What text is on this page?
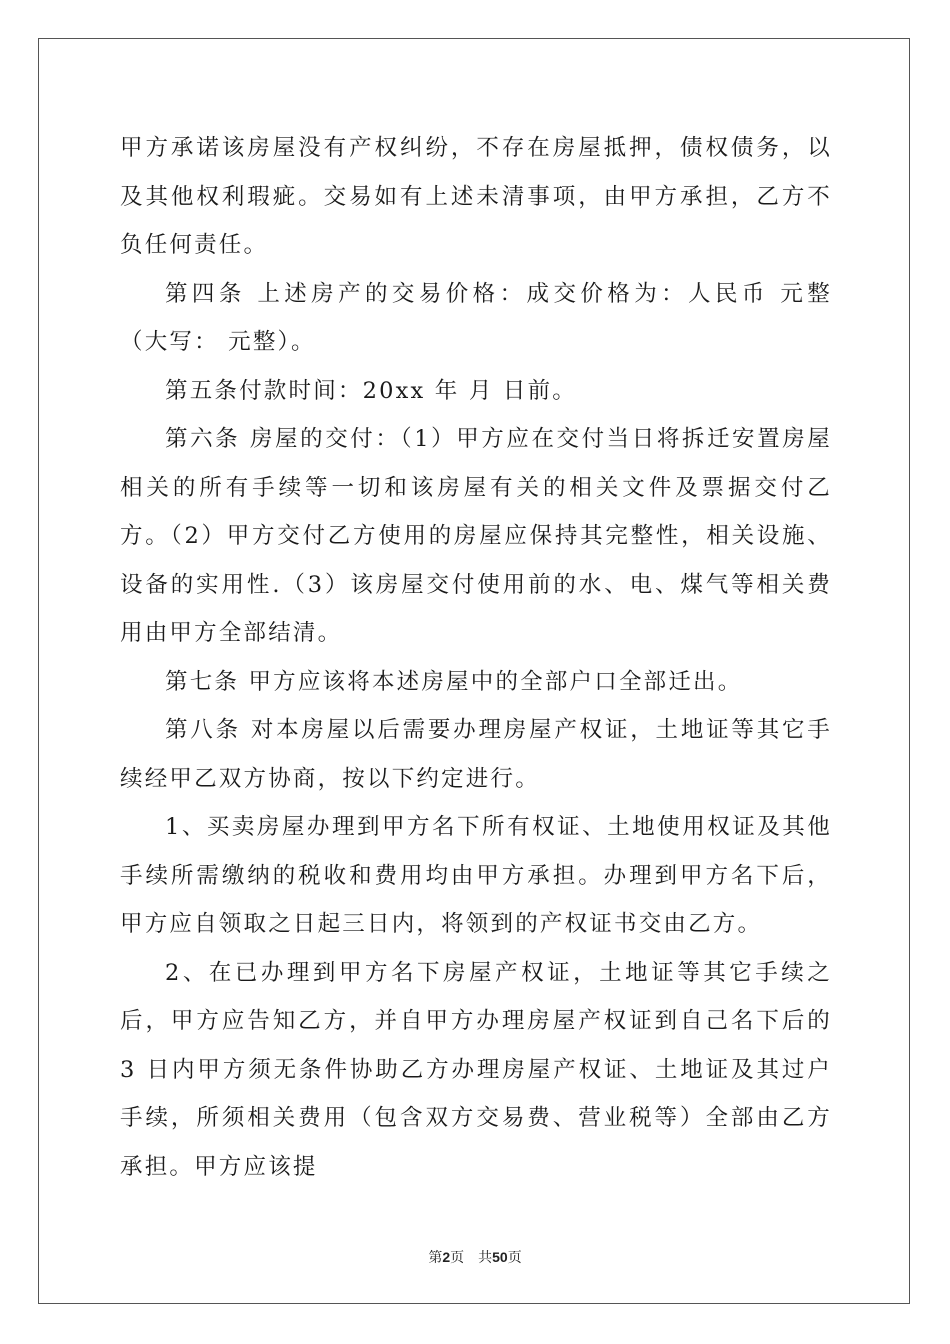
甲方承诺该房屋没有产权纠纷，不存在房屋抵押，债权债务，以及其他权利瑕疵。交易如有上述未清事项，由甲方承担，乙方不负任何责任。

第四条 上述房产的交易价格：成交价格为：人民币 元整 （大写： 元整）。

第五条付款时间：20xx 年 月 日前。

第六条 房屋的交付：（1）甲方应在交付当日将拆迁安置房屋相关的所有手续等一切和该房屋有关的相关文件及票据交付乙方。（2）甲方交付乙方使用的房屋应保持其完整性，相关设施、设备的实用性.（3）该房屋交付使用前的水、电、煤气等相关费用由甲方全部结清。

第七条 甲方应该将本述房屋中的全部户口全部迁出。

第八条 对本房屋以后需要办理房屋产权证，土地证等其它手续经甲乙双方协商，按以下约定进行。

1、买卖房屋办理到甲方名下所有权证、土地使用权证及其他手续所需缴纳的税收和费用均由甲方承担。办理到甲方名下后，甲方应自领取之日起三日内，将领到的产权证书交由乙方。

2、在已办理到甲方名下房屋产权证，土地证等其它手续之后，甲方应告知乙方，并自甲方办理房屋产权证到自己名下后的 3 日内甲方须无条件协助乙方办理房屋产权证、土地证及其过户手续，所须相关费用（包含双方交易费、营业税等）全部由乙方承担。甲方应该提

第2页 共50页
